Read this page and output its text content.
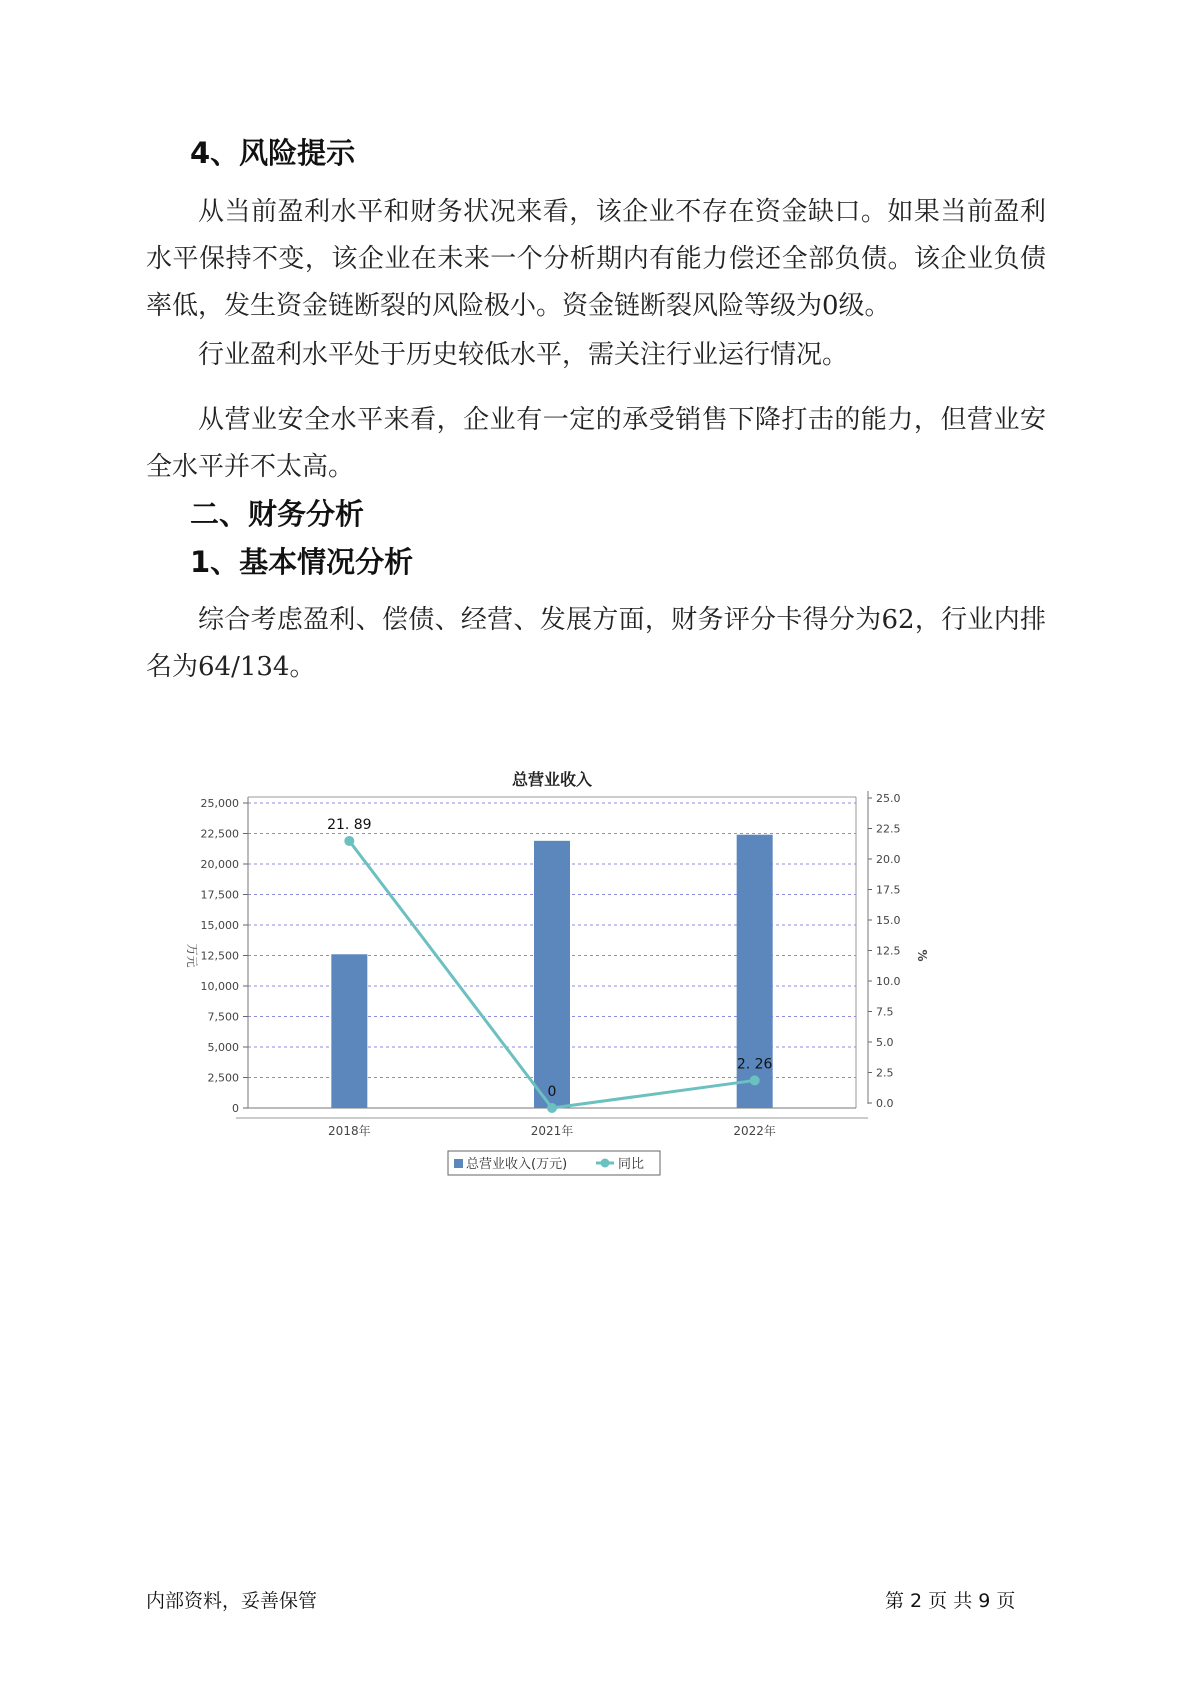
4、风险提示

从当前盈利水平和财务状况来看，该企业不存在资金缺口。如果当前盈利水平保持不变，该企业在未来一个分析期内有能力偿还全部负债。该企业负债率低，发生资金链断裂的风险极小。资金链断裂风险等级为0级。

行业盈利水平处于历史较低水平，需关注行业运行情况。

从营业安全水平来看，企业有一定的承受销售下降打击的能力，但营业安全水平并不太高。

二、财务分析
1、基本情况分析

综合考虑盈利、偿债、经营、发展方面，财务评分卡得分为62，行业内排名为64/134。

总营业收入
0
2,500
5,000
7,500
10,000
12,500
15,000
17,500
20,000
22,500
25,000
0.0
2.5
5.0
7.5
10.0
12.5
15.0
17.5
20.0
22.5
25.0
万元	%
2018年	2021年	2022年
21. 89
0
2. 26
总营业收入(万元)	同比
内部资料，妥善保管	第 2 页 共 9 页
